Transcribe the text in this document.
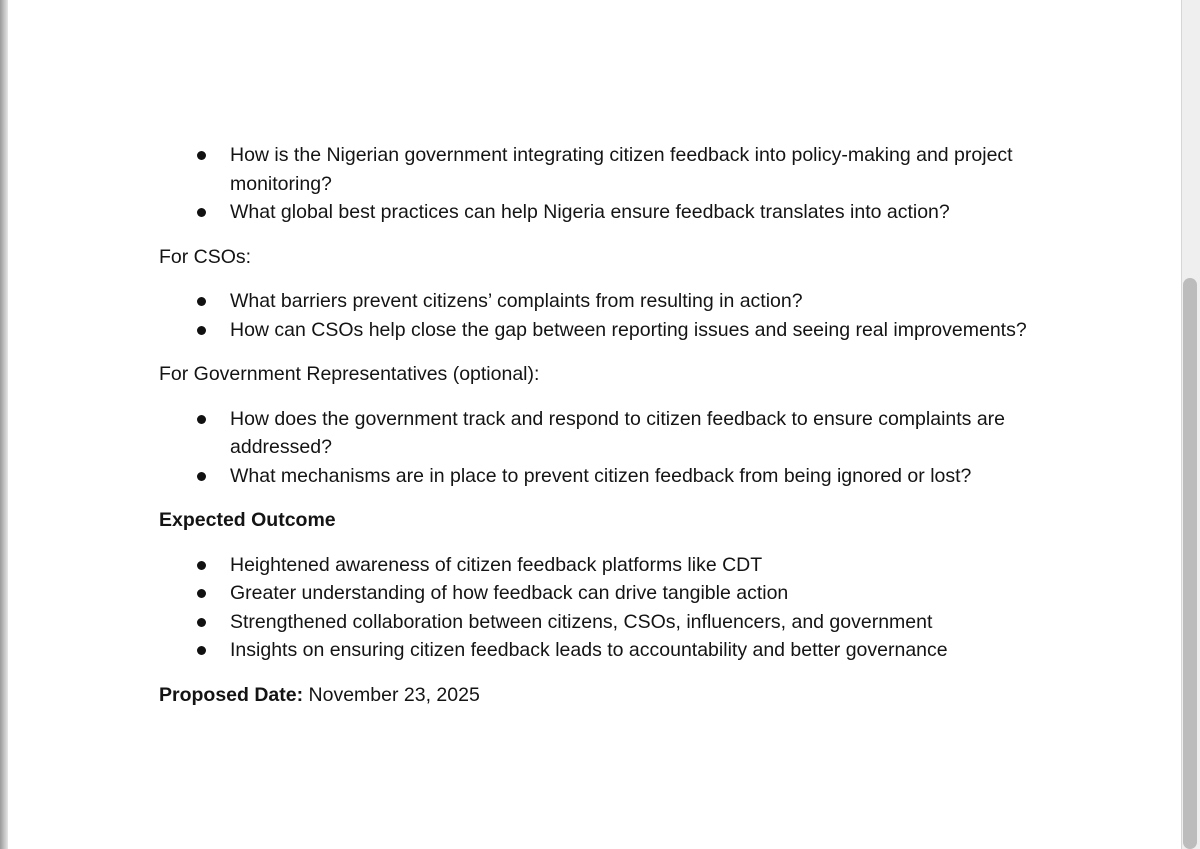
How is the Nigerian government integrating citizen feedback into policy-making and project monitoring?
What global best practices can help Nigeria ensure feedback translates into action?

For CSOs:

What barriers prevent citizens’ complaints from resulting in action?
How can CSOs help close the gap between reporting issues and seeing real improvements?

For Government Representatives (optional):

How does the government track and respond to citizen feedback to ensure complaints are addressed?
What mechanisms are in place to prevent citizen feedback from being ignored or lost?

Expected Outcome

Heightened awareness of citizen feedback platforms like CDT
Greater understanding of how feedback can drive tangible action
Strengthened collaboration between citizens, CSOs, influencers, and government
Insights on ensuring citizen feedback leads to accountability and better governance

Proposed Date: November 23, 2025
